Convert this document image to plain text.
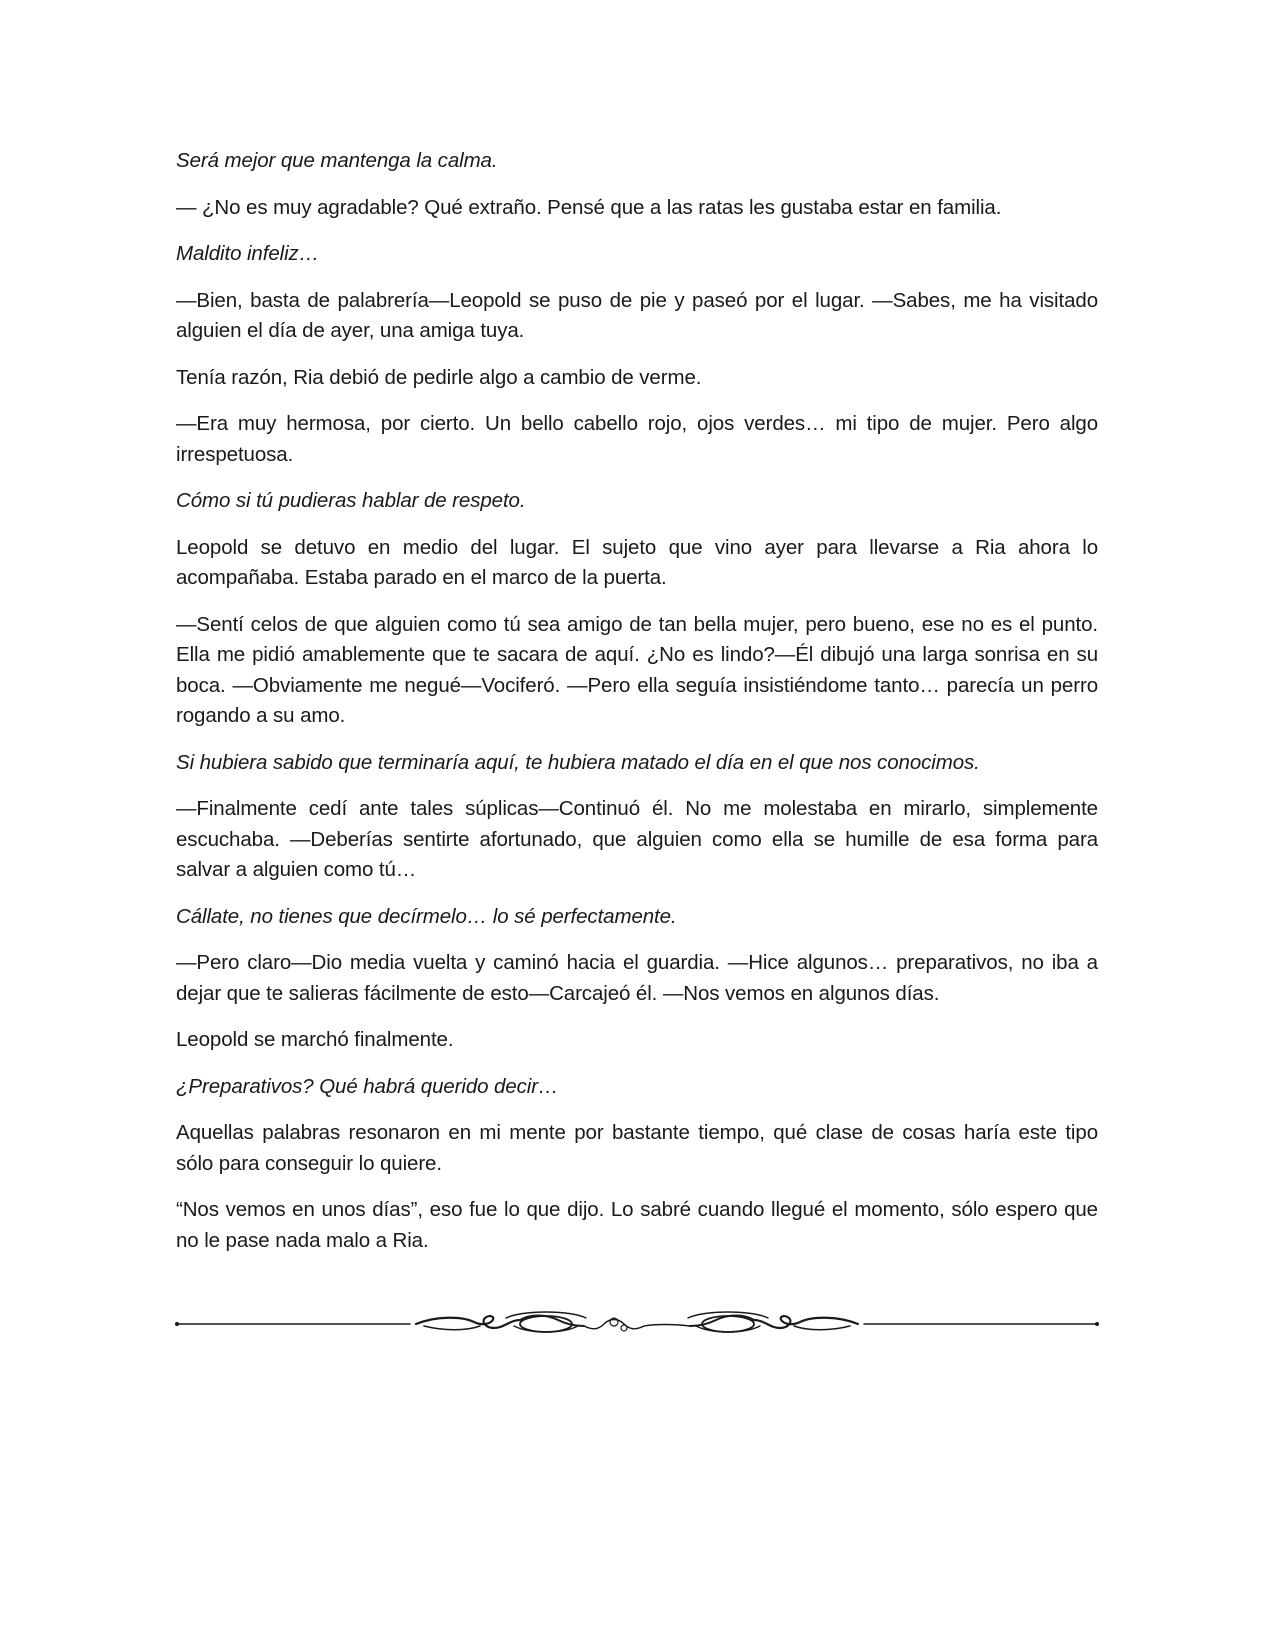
Será mejor que mantenga la calma.

— ¿No es muy agradable? Qué extraño. Pensé que a las ratas les gustaba estar en familia.

Maldito infeliz…

—Bien, basta de palabrería—Leopold se puso de pie y paseó por el lugar. —Sabes, me ha visitado alguien el día de ayer, una amiga tuya.

Tenía razón, Ria debió de pedirle algo a cambio de verme.

—Era muy hermosa, por cierto. Un bello cabello rojo, ojos verdes… mi tipo de mujer. Pero algo irrespetuosa.

Cómo si tú pudieras hablar de respeto.

Leopold se detuvo en medio del lugar. El sujeto que vino ayer para llevarse a Ria ahora lo acompañaba. Estaba parado en el marco de la puerta.

—Sentí celos de que alguien como tú sea amigo de tan bella mujer, pero bueno, ese no es el punto. Ella me pidió amablemente que te sacara de aquí. ¿No es lindo?—Él dibujó una larga sonrisa en su boca. —Obviamente me negué—Vociferó. —Pero ella seguía insistiéndome tanto… parecía un perro rogando a su amo.

Si hubiera sabido que terminaría aquí, te hubiera matado el día en el que nos conocimos.

—Finalmente cedí ante tales súplicas—Continuó él. No me molestaba en mirarlo, simplemente escuchaba. —Deberías sentirte afortunado, que alguien como ella se humille de esa forma para salvar a alguien como tú…

Cállate, no tienes que decírmelo… lo sé perfectamente.

—Pero claro—Dio media vuelta y caminó hacia el guardia. —Hice algunos… preparativos, no iba a dejar que te salieras fácilmente de esto—Carcajeó él. —Nos vemos en algunos días.

Leopold se marchó finalmente.

¿Preparativos? Qué habrá querido decir…

Aquellas palabras resonaron en mi mente por bastante tiempo, qué clase de cosas haría este tipo sólo para conseguir lo quiere.

“Nos vemos en unos días”, eso fue lo que dijo. Lo sabré cuando llegué el momento, sólo espero que no le pase nada malo a Ria.
